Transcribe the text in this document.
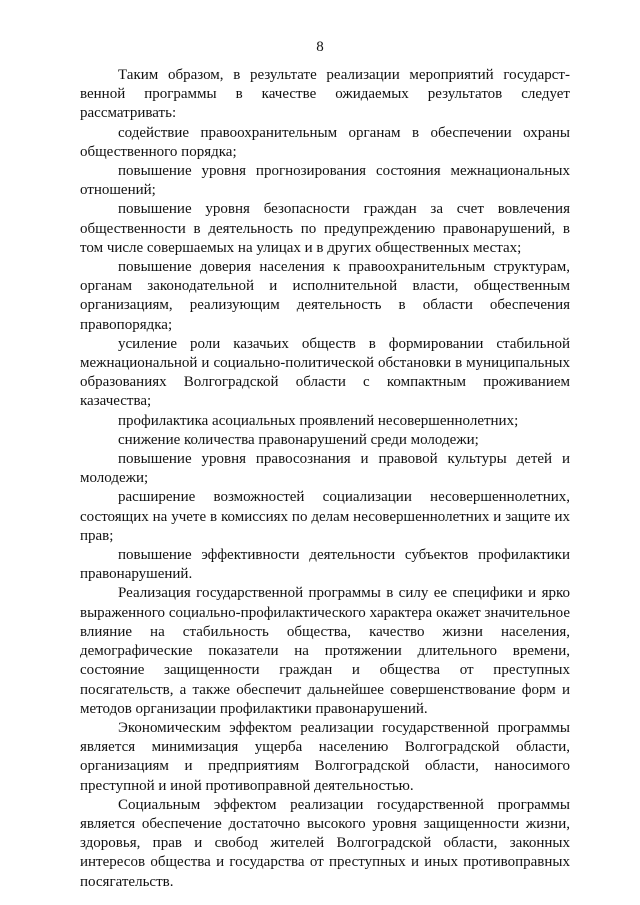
8

Таким образом, в результате реализации мероприятий государственной программы в качестве ожидаемых результатов следует рассматривать:

содействие правоохранительным органам в обеспечении охраны общественного порядка;

повышение уровня прогнозирования состояния межнациональных отношений;

повышение уровня безопасности граждан за счет вовлечения общественности в деятельность по предупреждению правонарушений, в том числе совершаемых на улицах и в других общественных местах;

повышение доверия населения к правоохранительным структурам, органам законодательной и исполнительной власти, общественным организациям, реализующим деятельность в области обеспечения правопорядка;

усиление роли казачьих обществ в формировании стабильной межнациональной и социально-политической обстановки в муниципальных образованиях Волгоградской области с компактным проживанием казачества;

профилактика асоциальных проявлений несовершеннолетних;

снижение количества правонарушений среди молодежи;

повышение уровня правосознания и правовой культуры детей и молодежи;

расширение возможностей социализации несовершеннолетних, состоящих на учете в комиссиях по делам несовершеннолетних и защите их прав;

повышение эффективности деятельности субъектов профилактики правонарушений.

Реализация государственной программы в силу ее специфики и ярко выраженного социально-профилактического характера окажет значительное влияние на стабильность общества, качество жизни населения, демографические показатели на протяжении длительного времени, состояние защищенности граждан и общества от преступных посягательств, а также обеспечит дальнейшее совершенствование форм и методов организации профилактики правонарушений.

Экономическим эффектом реализации государственной программы является минимизация ущерба населению Волгоградской области, организациям и предприятиям Волгоградской области, наносимого преступной и иной противоправной деятельностью.

Социальным эффектом реализации государственной программы является обеспечение достаточно высокого уровня защищенности жизни, здоровья, прав и свобод жителей Волгоградской области, законных интересов общества и государства от преступных и иных противоправных посягательств.
